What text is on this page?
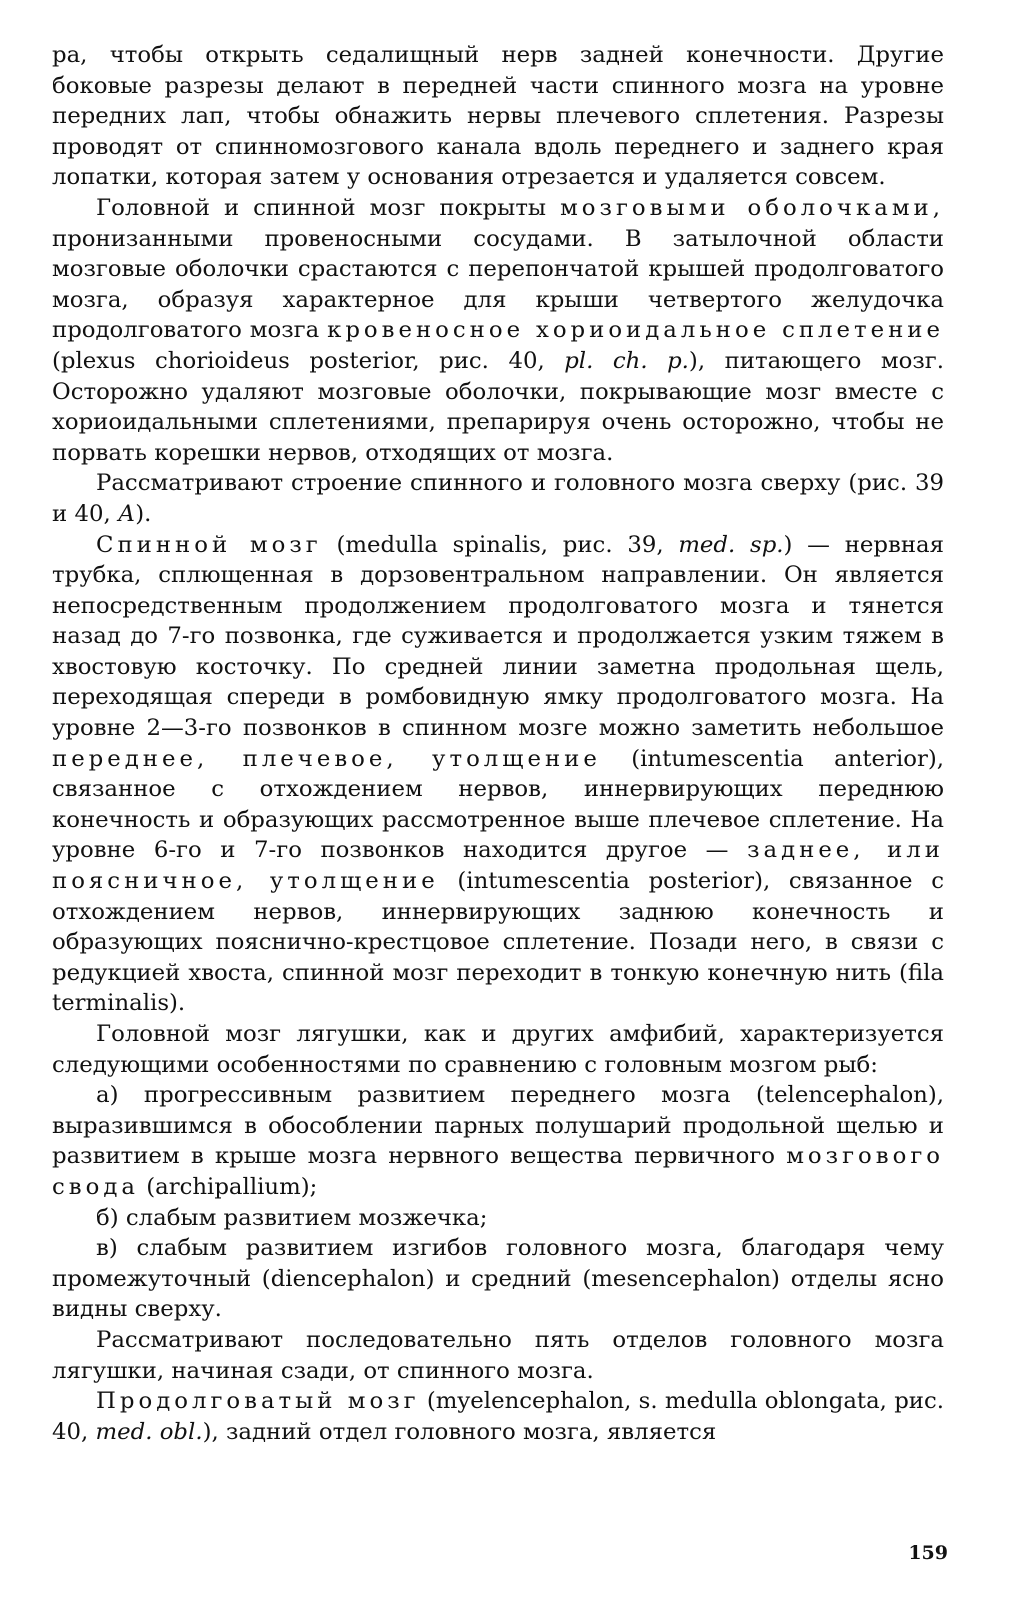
ра, чтобы открыть седалищный нерв задней конечности. Другие боковые разрезы делают в передней части спинного мозга на уровне передних лап, чтобы обнажить нервы плечевого сплетения. Разрезы проводят от спинномозгового канала вдоль переднего и заднего края лопатки, которая затем у основания отрезается и удаляется совсем.

Головной и спинной мозг покрыты мозговыми оболочками, пронизанными провеносными сосудами. В затылочной области мозговые оболочки срастаются с перепончатой крышей продолговатого мозга, образуя характерное для крыши четвертого желудочка продолговатого мозга кровеносное хориоидальное сплетение (plexus chorioideus posterior, рис. 40, pl. ch. p.), питающего мозг. Осторожно удаляют мозговые оболочки, покрывающие мозг вместе с хориоидальными сплетениями, препарируя очень осторожно, чтобы не порвать корешки нервов, отходящих от мозга.

Рассматривают строение спинного и головного мозга сверху (рис. 39 и 40, А).

Спинной мозг (medulla spinalis, рис. 39, med. sp.) — нервная трубка, сплющенная в дорзовентральном направлении. Он является непосредственным продолжением продолговатого мозга и тянется назад до 7-го позвонка, где суживается и продолжается узким тяжем в хвостовую косточку. По средней линии заметна продольная щель, переходящая спереди в ромбовидную ямку продолговатого мозга. На уровне 2—3-го позвонков в спинном мозге можно заметить небольшое переднее, плечевое, утолщение (intumescentia anterior), связанное с отхождением нервов, иннервирующих переднюю конечность и образующих рассмотренное выше плечевое сплетение. На уровне 6-го и 7-го позвонков находится другое — заднее, или поясничное, утолщение (intumescentia posterior), связанное с отхождением нервов, иннервирующих заднюю конечность и образующих пояснично-крестцовое сплетение. Позади него, в связи с редукцией хвоста, спинной мозг переходит в тонкую конечную нить (fila terminalis).

Головной мозг лягушки, как и других амфибий, характеризуется следующими особенностями по сравнению с головным мозгом рыб:

а) прогрессивным развитием переднего мозга (telencephalon), выразившимся в обособлении парных полушарий продольной щелью и развитием в крыше мозга нервного вещества первичного мозгового свода (archipallium);

б) слабым развитием мозжечка;

в) слабым развитием изгибов головного мозга, благодаря чему промежуточный (diencephalon) и средний (mesencephalon) отделы ясно видны сверху.

Рассматривают последовательно пять отделов головного мозга лягушки, начиная сзади, от спинного мозга.

Продолговатый мозг (myelencephalon, s. medulla oblongata, рис. 40, med. obl.), задний отдел головного мозга, является

159
